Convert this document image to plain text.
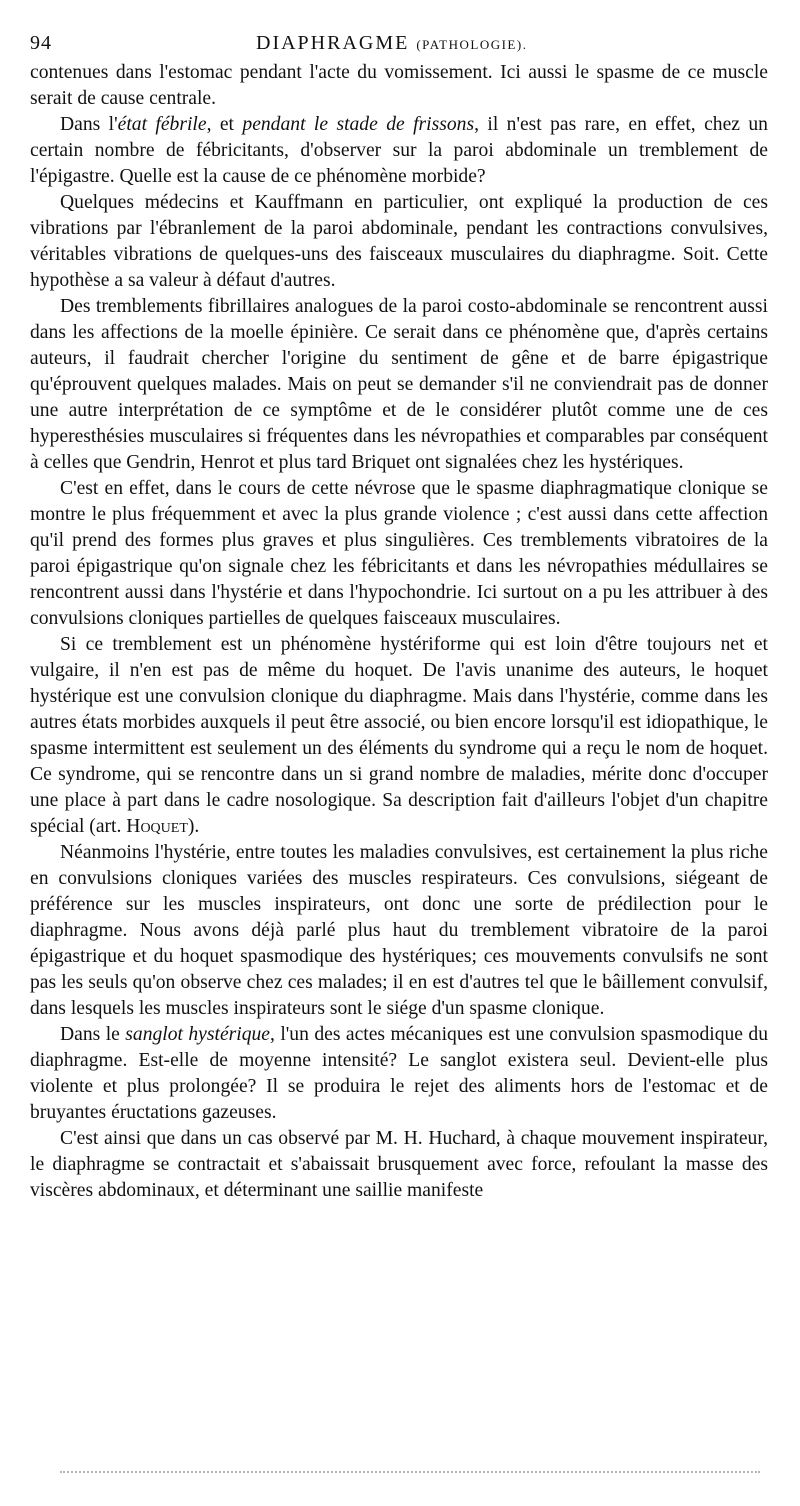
94	DIAPHRAGME (PATHOLOGIE).

contenues dans l'estomac pendant l'acte du vomissement. Ici aussi le spasme de ce muscle serait de cause centrale.

Dans l'état fébrile, et pendant le stade de frissons, il n'est pas rare, en effet, chez un certain nombre de fébricitants, d'observer sur la paroi abdominale un tremblement de l'épigastre. Quelle est la cause de ce phénomène morbide?

Quelques médecins et Kauffmann en particulier, ont expliqué la production de ces vibrations par l'ébranlement de la paroi abdominale, pendant les contractions convulsives, véritables vibrations de quelques-uns des faisceaux musculaires du diaphragme. Soit. Cette hypothèse a sa valeur à défaut d'autres.

Des tremblements fibrillaires analogues de la paroi costo-abdominale se rencontrent aussi dans les affections de la moelle épinière. Ce serait dans ce phénomène que, d'après certains auteurs, il faudrait chercher l'origine du sentiment de gêne et de barre épigastrique qu'éprouvent quelques malades. Mais on peut se demander s'il ne conviendrait pas de donner une autre interprétation de ce symptôme et de le considérer plutôt comme une de ces hyperesthésies musculaires si fréquentes dans les névropathies et comparables par conséquent à celles que Gendrin, Henrot et plus tard Briquet ont signalées chez les hystériques.

C'est en effet, dans le cours de cette névrose que le spasme diaphragmatique clonique se montre le plus fréquemment et avec la plus grande violence ; c'est aussi dans cette affection qu'il prend des formes plus graves et plus singulières. Ces tremblements vibratoires de la paroi épigastrique qu'on signale chez les fébricitants et dans les névropathies médullaires se rencontrent aussi dans l'hystérie et dans l'hypochondrie. Ici surtout on a pu les attribuer à des convulsions cloniques partielles de quelques faisceaux musculaires.

Si ce tremblement est un phénomène hystériforme qui est loin d'être toujours net et vulgaire, il n'en est pas de même du hoquet. De l'avis unanime des auteurs, le hoquet hystérique est une convulsion clonique du diaphragme. Mais dans l'hystérie, comme dans les autres états morbides auxquels il peut être associé, ou bien encore lorsqu'il est idiopathique, le spasme intermittent est seulement un des éléments du syndrome qui a reçu le nom de hoquet. Ce syndrome, qui se rencontre dans un si grand nombre de maladies, mérite donc d'occuper une place à part dans le cadre nosologique. Sa description fait d'ailleurs l'objet d'un chapitre spécial (art. Hoquet).

Néanmoins l'hystérie, entre toutes les maladies convulsives, est certainement la plus riche en convulsions cloniques variées des muscles respirateurs. Ces convulsions, siégeant de préférence sur les muscles inspirateurs, ont donc une sorte de prédilection pour le diaphragme. Nous avons déjà parlé plus haut du tremblement vibratoire de la paroi épigastrique et du hoquet spasmodique des hystériques; ces mouvements convulsifs ne sont pas les seuls qu'on observe chez ces malades; il en est d'autres tel que le bâillement convulsif, dans lesquels les muscles inspirateurs sont le siége d'un spasme clonique.

Dans le sanglot hystérique, l'un des actes mécaniques est une convulsion spasmodique du diaphragme. Est-elle de moyenne intensité? Le sanglot existera seul. Devient-elle plus violente et plus prolongée? Il se produira le rejet des aliments hors de l'estomac et de bruyantes éructations gazeuses.

C'est ainsi que dans un cas observé par M. H. Huchard, à chaque mouvement inspirateur, le diaphragme se contractait et s'abaissait brusquement avec force, refoulant la masse des viscères abdominaux, et déterminant une saillie manifeste
